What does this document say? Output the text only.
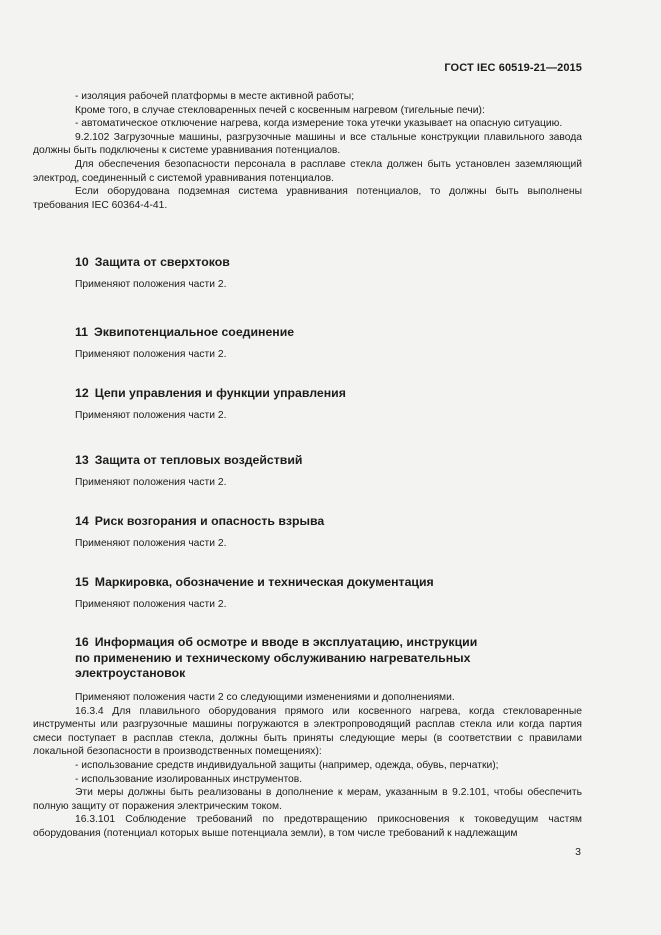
ГОСТ IEC 60519-21—2015

- изоляция рабочей платформы в месте активной работы;

Кроме того, в случае стекловаренных печей с косвенным нагревом (тигельные печи):

- автоматическое отключение нагрева, когда измерение тока утечки указывает на опасную ситуацию.

9.2.102 Загрузочные машины, разгрузочные машины и все стальные конструкции плавильного завода должны быть подключены к системе уравнивания потенциалов.

Для обеспечения безопасности персонала в расплаве стекла должен быть установлен заземляющий электрод, соединенный с системой уравнивания потенциалов.

Если оборудована подземная система уравнивания потенциалов, то должны быть выполнены требования IEC 60364-4-41.

10 Защита от сверхтоков

Применяют положения части 2.

11 Эквипотенциальное соединение

Применяют положения части 2.

12 Цепи управления и функции управления

Применяют положения части 2.

13 Защита от тепловых воздействий

Применяют положения части 2.

14 Риск возгорания и опасность взрыва

Применяют положения части 2.

15 Маркировка, обозначение и техническая документация

Применяют положения части 2.

16 Информация об осмотре и вводе в эксплуатацию, инструкции
по применению и техническому обслуживанию нагревательных
электроустановок

Применяют положения части 2 со следующими изменениями и дополнениями.

16.3.4 Для плавильного оборудования прямого или косвенного нагрева, когда стекловаренные инструменты или разгрузочные машины погружаются в электропроводящий расплав стекла или когда партия смеси поступает в расплав стекла, должны быть приняты следующие меры (в соответствии с правилами локальной безопасности в производственных помещениях):

- использование средств индивидуальной защиты (например, одежда, обувь, перчатки);

- использование изолированных инструментов.

Эти меры должны быть реализованы в дополнение к мерам, указанным в 9.2.101, чтобы обеспечить полную защиту от поражения электрическим током.

16.3.101 Соблюдение требований по предотвращению прикосновения к токоведущим частям оборудования (потенциал которых выше потенциала земли), в том числе требований к надлежащим

3
